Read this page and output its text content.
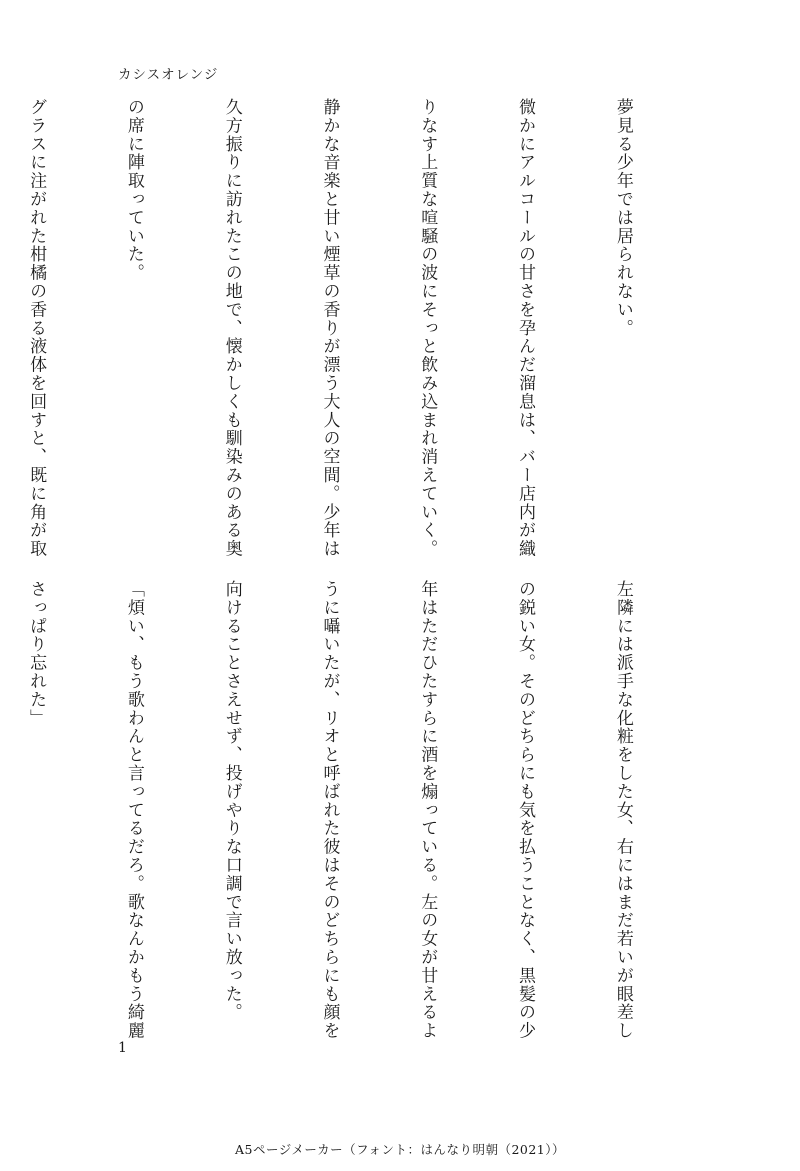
カシスオレンジ

夢見る少年では居られない。

微かにアルコールの甘さを孕んだ溜息は、バー店内が織

りなす上質な喧騒の波にそっと飲み込まれ消えていく。

静かな音楽と甘い煙草の香りが漂う大人の空間。少年は

久方振りに訪れたこの地で、懐かしくも馴染みのある奥

の席に陣取っていた。

グラスに注がれた柑橘の香る液体を回すと、既に角が取

左隣には派手な化粧をした女、右にはまだ若いが眼差し

の鋭い女。そのどちらにも気を払うことなく、黒髪の少

年はただひたすらに酒を煽っている。左の女が甘えるよ

うに囁いたが、リオと呼ばれた彼はそのどちらにも顔を

向けることさえせず、投げやりな口調で言い放った。

「煩い、もう歌わんと言ってるだろ。歌なんかもう綺麗

さっぱり忘れた」

1
A5ページメーカー（フォント：はんなり明朝（2021））
